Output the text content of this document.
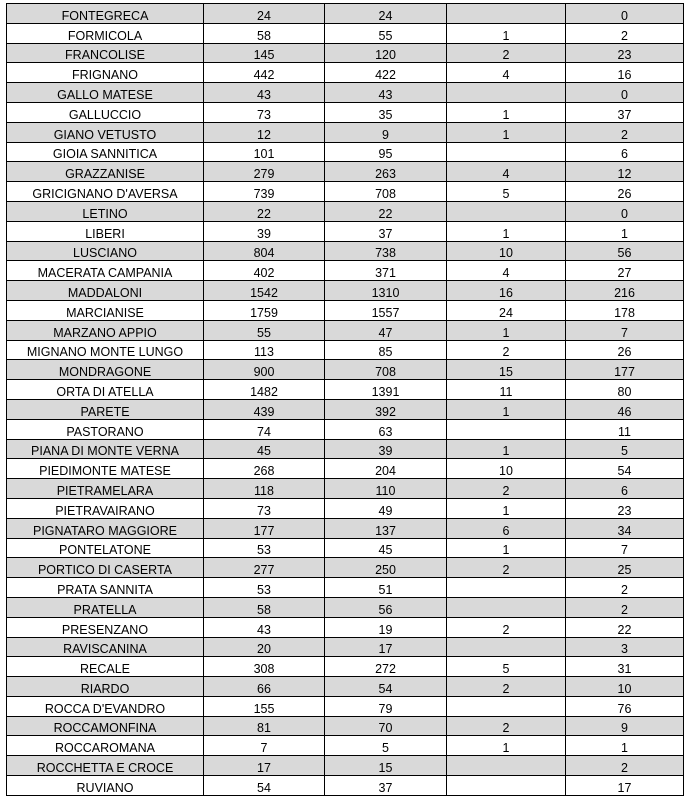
FONTEGRECA	24	24		0
FORMICOLA	58	55	1	2
FRANCOLISE	145	120	2	23
FRIGNANO	442	422	4	16
GALLO MATESE	43	43		0
GALLUCCIO	73	35	1	37
GIANO VETUSTO	12	9	1	2
GIOIA SANNITICA	101	95		6
GRAZZANISE	279	263	4	12
GRICIGNANO D'AVERSA	739	708	5	26
LETINO	22	22		0
LIBERI	39	37	1	1
LUSCIANO	804	738	10	56
MACERATA CAMPANIA	402	371	4	27
MADDALONI	1542	1310	16	216
MARCIANISE	1759	1557	24	178
MARZANO APPIO	55	47	1	7
MIGNANO MONTE LUNGO	113	85	2	26
MONDRAGONE	900	708	15	177
ORTA DI ATELLA	1482	1391	11	80
PARETE	439	392	1	46
PASTORANO	74	63		11
PIANA DI MONTE VERNA	45	39	1	5
PIEDIMONTE MATESE	268	204	10	54
PIETRAMELARA	118	110	2	6
PIETRAVAIRANO	73	49	1	23
PIGNATARO MAGGIORE	177	137	6	34
PONTELATONE	53	45	1	7
PORTICO DI CASERTA	277	250	2	25
PRATA SANNITA	53	51		2
PRATELLA	58	56		2
PRESENZANO	43	19	2	22
RAVISCANINA	20	17		3
RECALE	308	272	5	31
RIARDO	66	54	2	10
ROCCA D'EVANDRO	155	79		76
ROCCAMONFINA	81	70	2	9
ROCCAROMANA	7	5	1	1
ROCCHETTA E CROCE	17	15		2
RUVIANO	54	37		17
